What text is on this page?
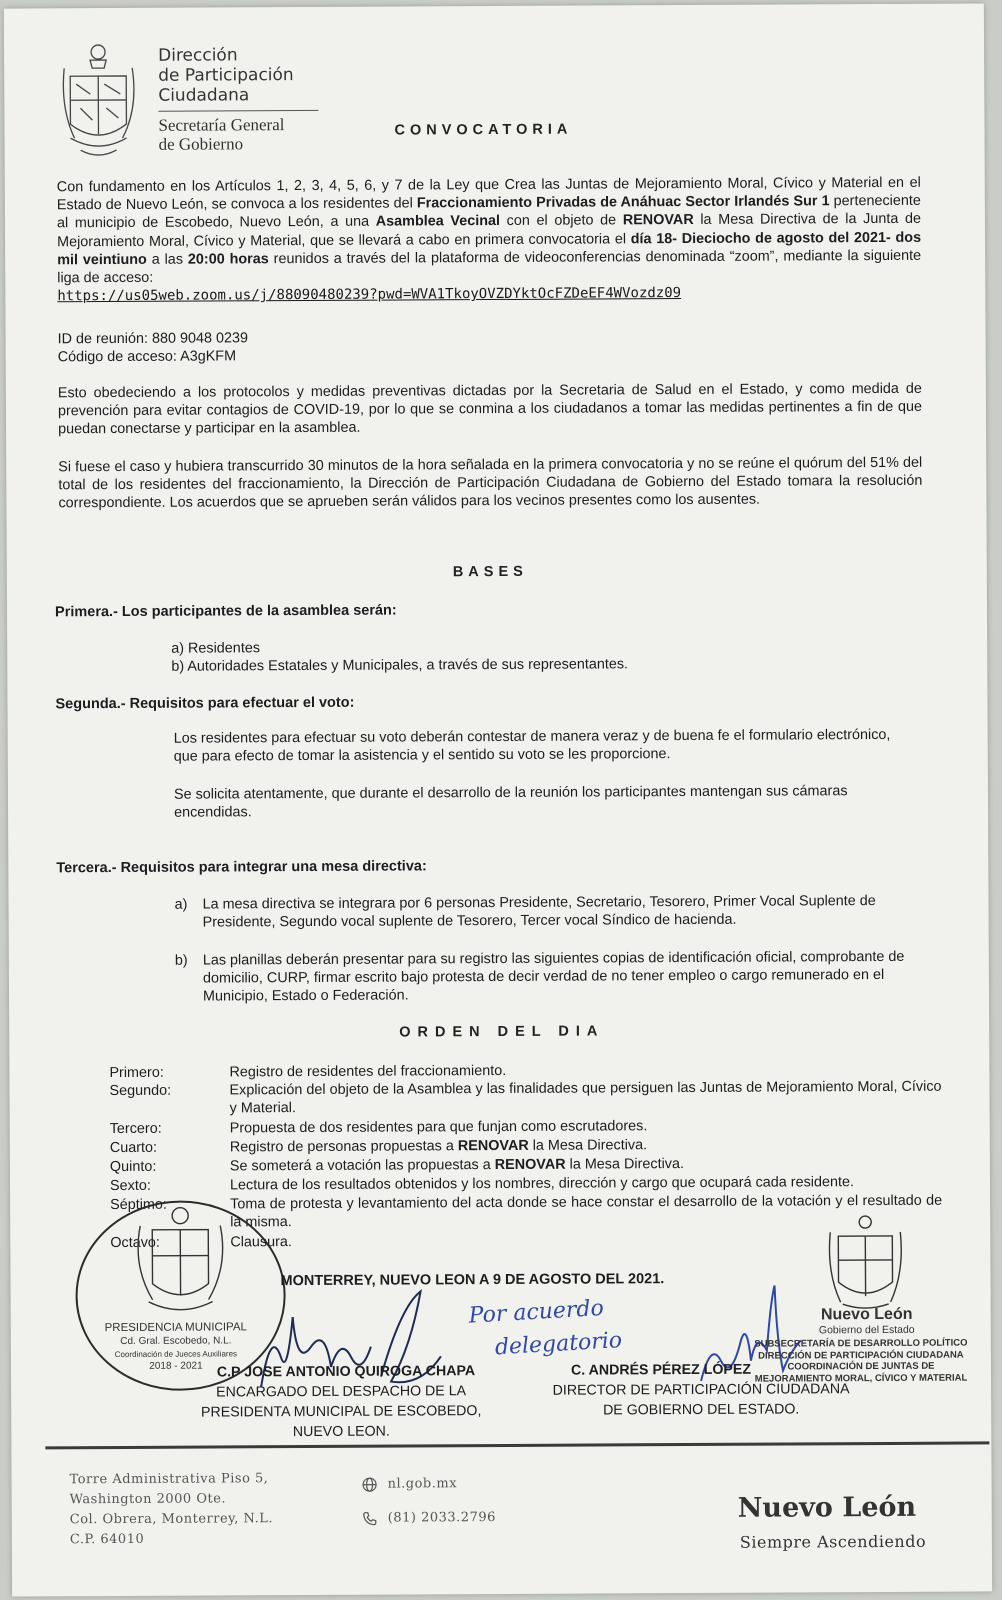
Dirección
de Participación
Ciudadana
Secretaría General
de Gobierno
CONVOCATORIA
Con fundamento en los Artículos 1, 2, 3, 4, 5, 6, y 7 de la Ley que Crea las Juntas de Mejoramiento Moral, Cívico y Material en el Estado de Nuevo León, se convoca a los residentes del Fraccionamiento Privadas de Anáhuac Sector Irlandés Sur 1 perteneciente al municipio de Escobedo, Nuevo León, a una Asamblea Vecinal con el objeto de RENOVAR la Mesa Directiva de la Junta de Mejoramiento Moral, Cívico y Material, que se llevará a cabo en primera convocatoria el día 18- Dieciocho de agosto del 2021- dos mil veintiuno a las 20:00 horas reunidos a través del la plataforma de videoconferencias denominada “zoom”, mediante la siguiente liga de acceso:
https://us05web.zoom.us/j/88090480239?pwd=WVA1TkoyOVZDYktOcFZDeEF4WVozdz09
ID de reunión: 880 9048 0239
Código de acceso: A3gKFM
Esto obedeciendo a los protocolos y medidas preventivas dictadas por la Secretaria de Salud en el Estado, y como medida de prevención para evitar contagios de COVID-19, por lo que se conmina a los ciudadanos a tomar las medidas pertinentes a fin de que puedan conectarse y participar en la asamblea.
Si fuese el caso y hubiera transcurrido 30 minutos de la hora señalada en la primera convocatoria y no se reúne el quórum del 51% del total de los residentes del fraccionamiento, la Dirección de Participación Ciudadana de Gobierno del Estado tomara la resolución correspondiente. Los acuerdos que se aprueben serán válidos para los vecinos presentes como los ausentes.
BASES
Primera.- Los participantes de la asamblea serán:
a) Residentes
b) Autoridades Estatales y Municipales, a través de sus representantes.
Segunda.- Requisitos para efectuar el voto:
Los residentes para efectuar su voto deberán contestar de manera veraz y de buena fe el formulario electrónico, que para efecto de tomar la asistencia y el sentido su voto se les proporcione.
Se solicita atentamente, que durante el desarrollo de la reunión los participantes mantengan sus cámaras encendidas.
Tercera.- Requisitos para integrar una mesa directiva:
a) La mesa directiva se integrara por 6 personas Presidente, Secretario, Tesorero, Primer Vocal Suplente de Presidente, Segundo vocal suplente de Tesorero, Tercer vocal Síndico de hacienda.
b) Las planillas deberán presentar para su registro las siguientes copias de identificación oficial, comprobante de domicilio, CURP, firmar escrito bajo protesta de decir verdad de no tener empleo o cargo remunerado en el Municipio, Estado o Federación.
ORDEN DEL DIA
Primero:	Registro de residentes del fraccionamiento.
Segundo:	Explicación del objeto de la Asamblea y las finalidades que persiguen las Juntas de Mejoramiento Moral, Cívico y Material.
Tercero:	Propuesta de dos residentes para que funjan como escrutadores.
Cuarto:	Registro de personas propuestas a RENOVAR la Mesa Directiva.
Quinto:	Se someterá a votación las propuestas a RENOVAR la Mesa Directiva.
Sexto:	Lectura de los resultados obtenidos y los nombres, dirección y cargo que ocupará cada residente.
Séptimo:	Toma de protesta y levantamiento del acta donde se hace constar el desarrollo de la votación y el resultado de la misma.
Octavo:	Clausura.
PRESIDENCIA MUNICIPAL
Cd. Gral. Escobedo, N.L.
Coordinación de Jueces Auxiliares
2018 - 2021
MONTERREY, NUEVO LEON A 9 DE AGOSTO DEL 2021.
Por acuerdo
delegatorio
Nuevo León
Gobierno del Estado
SUBSECRETARÍA DE DESARROLLO POLÍTICO
DIRECCIÓN DE PARTICIPACIÓN CIUDADANA
COORDINACIÓN DE JUNTAS DE
MEJORAMIENTO MORAL, CÍVICO Y MATERIAL
C.P JOSE ANTONIO QUIROGA CHAPA
ENCARGADO DEL DESPACHO DE LA
PRESIDENTA MUNICIPAL DE ESCOBEDO,
NUEVO LEON.
C. ANDRÉS PÉREZ LÓPEZ
DIRECTOR DE PARTICIPACIÓN CIUDADANA
DE GOBIERNO DEL ESTADO.
Torre Administrativa Piso 5,
Washington 2000 Ote.
Col. Obrera, Monterrey, N.L.
C.P. 64010
nl.gob.mx
(81) 2033.2796	Nuevo León
Siempre Ascendiendo
